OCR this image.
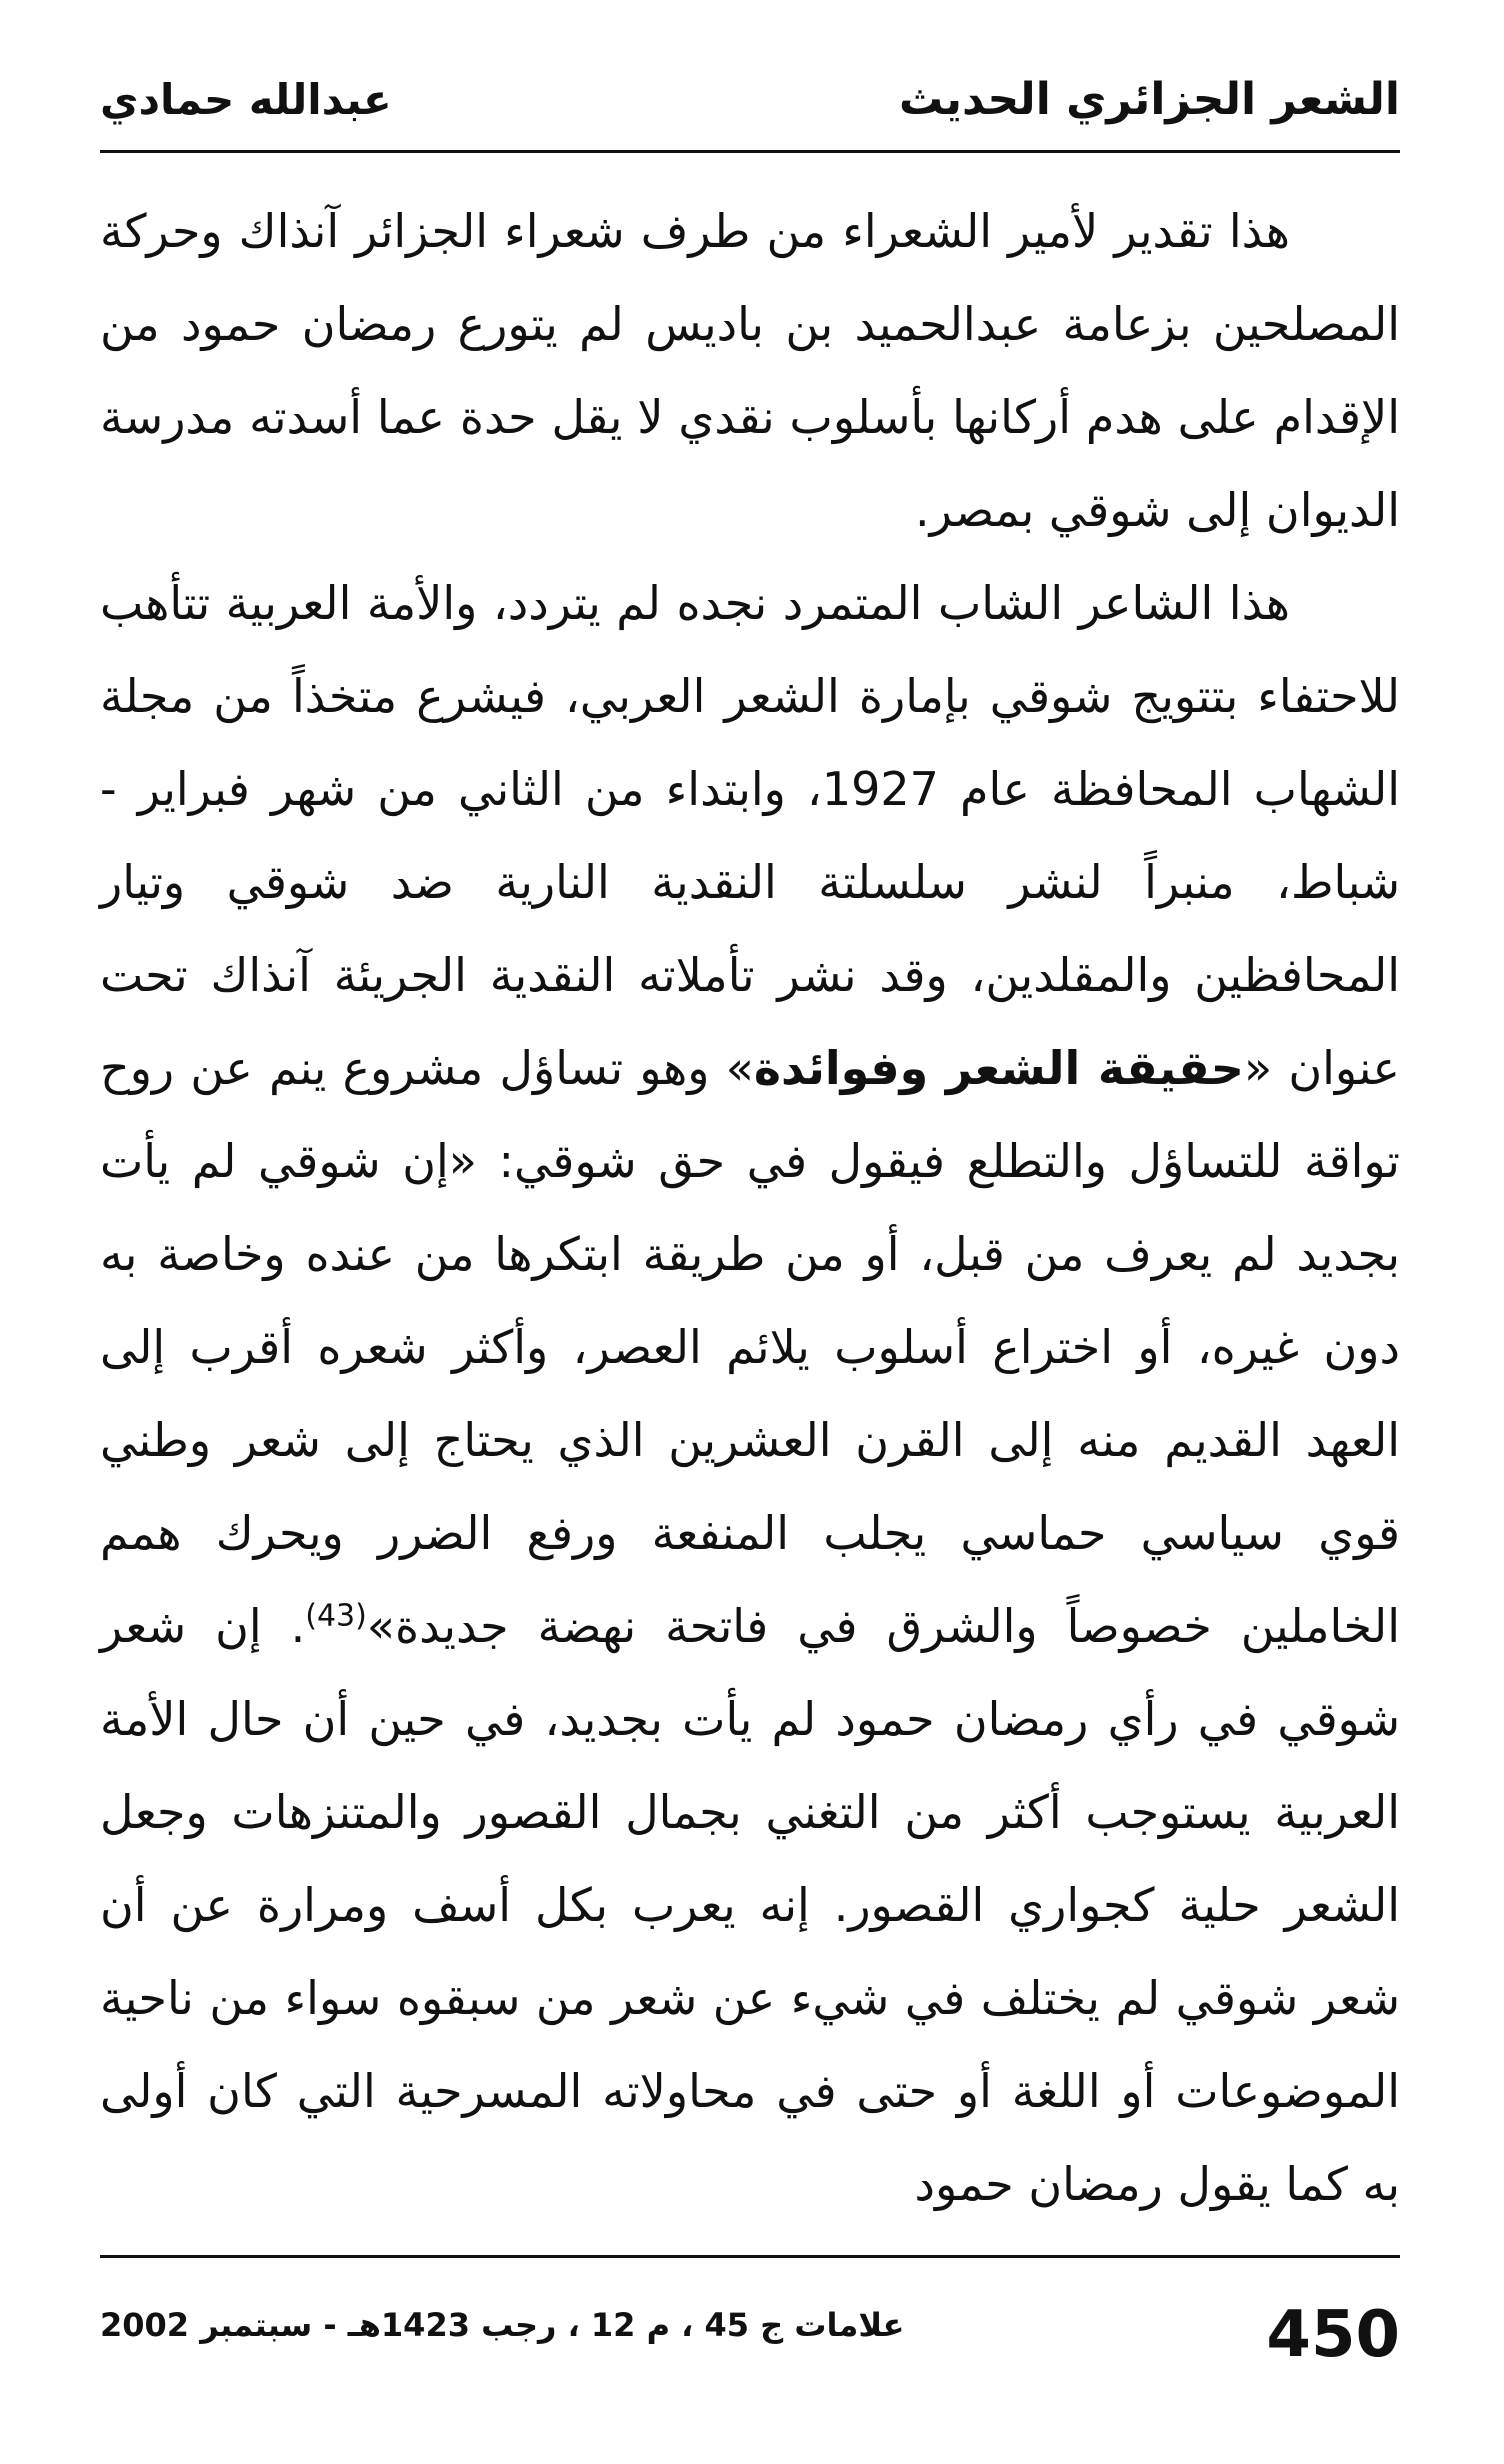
الشعر الجزائري الحديث
عبدالله حمادي

هذا تقدير لأمير الشعراء من طرف شعراء الجزائر آنذاك وحركة المصلحين بزعامة عبدالحميد بن باديس لم يتورع رمضان حمود من الإقدام على هدم أركانها بأسلوب نقدي لا يقل حدة عما أسدته مدرسة الديوان إلى شوقي بمصر.

هذا الشاعر الشاب المتمرد نجده لم يتردد، والأمة العربية تتأهب للاحتفاء بتتويج شوقي بإمارة الشعر العربي، فيشرع متخذاً من مجلة الشهاب المحافظة عام 1927، وابتداء من الثاني من شهر فبراير - شباط، منبراً لنشر سلسلتة النقدية النارية ضد شوقي وتيار المحافظين والمقلدين، وقد نشر تأملاته النقدية الجريئة آنذاك تحت عنوان «حقيقة الشعر وفوائدة» وهو تساؤل مشروع ينم عن روح تواقة للتساؤل والتطلع فيقول في حق شوقي: «إن شوقي لم يأت بجديد لم يعرف من قبل، أو من طريقة ابتكرها من عنده وخاصة به دون غيره، أو اختراع أسلوب يلائم العصر، وأكثر شعره أقرب إلى العهد القديم منه إلى القرن العشرين الذي يحتاج إلى شعر وطني قوي سياسي حماسي يجلب المنفعة ورفع الضرر ويحرك همم الخاملين خصوصاً والشرق في فاتحة نهضة جديدة»$^{(43)}$. إن شعر شوقي في رأي رمضان حمود لم يأت بجديد، في حين أن حال الأمة العربية يستوجب أكثر من التغني بجمال القصور والمتنزهات وجعل الشعر حلية كجواري القصور. إنه يعرب بكل أسف ومرارة عن أن شعر شوقي لم يختلف في شيء عن شعر من سبقوه سواء من ناحية الموضوعات أو اللغة أو حتى في محاولاته المسرحية التي كان أولى به كما يقول رمضان حمود

450
علامات ج 45 ، م 12 ، رجب 1423هـ - سبتمبر 2002
